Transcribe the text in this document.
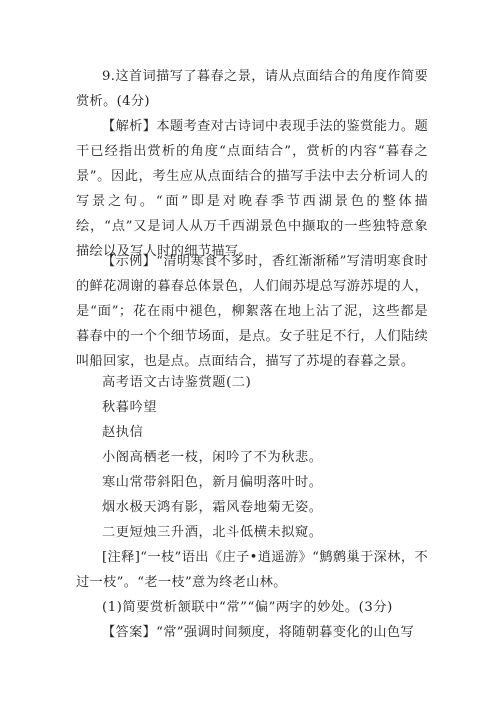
9.这首词描写了暮春之景，请从点面结合的角度作简要赏析。(4分)

【解析】本题考查对古诗词中表现手法的鉴赏能力。题干已经指出赏析的角度“点面结合”，赏析的内容“暮春之景”。因此，考生应从点面结合的描写手法中去分析词人的写景之句。“面”即是对晚春季节西湖景色的整体描绘，“点”又是词人从万千西湖景色中撷取的一些独特意象描绘以及写人时的细节描写。

【示例】“清明寒食不多时，香红渐渐稀”写清明寒食时的鲜花凋谢的暮春总体景色，人们闹苏堤总写游苏堤的人，是“面”；花在雨中褪色，柳絮落在地上沾了泥，这些都是暮春中的一个个细节场面，是点。女子驻足不行，人们陆续叫船回家，也是点。点面结合，描写了苏堤的春暮之景。

高考语文古诗鉴赏题(二)

秋暮吟望

赵执信

小阁高栖老一枝，闲吟了不为秋悲。

寒山常带斜阳色，新月偏明落叶时。

烟水极天鸿有影，霜风卷地菊无姿。

二更短烛三升酒，北斗低横未拟窥。

[注释]“一枝”语出《庄子•逍遥游》“鹪鹩巢于深林，不过一枝”。“老一枝”意为终老山林。

(1)简要赏析颔联中“常”“偏”两字的妙处。(3分)

【答案】“常”强调时间频度，将随朝暮变化的山色写
